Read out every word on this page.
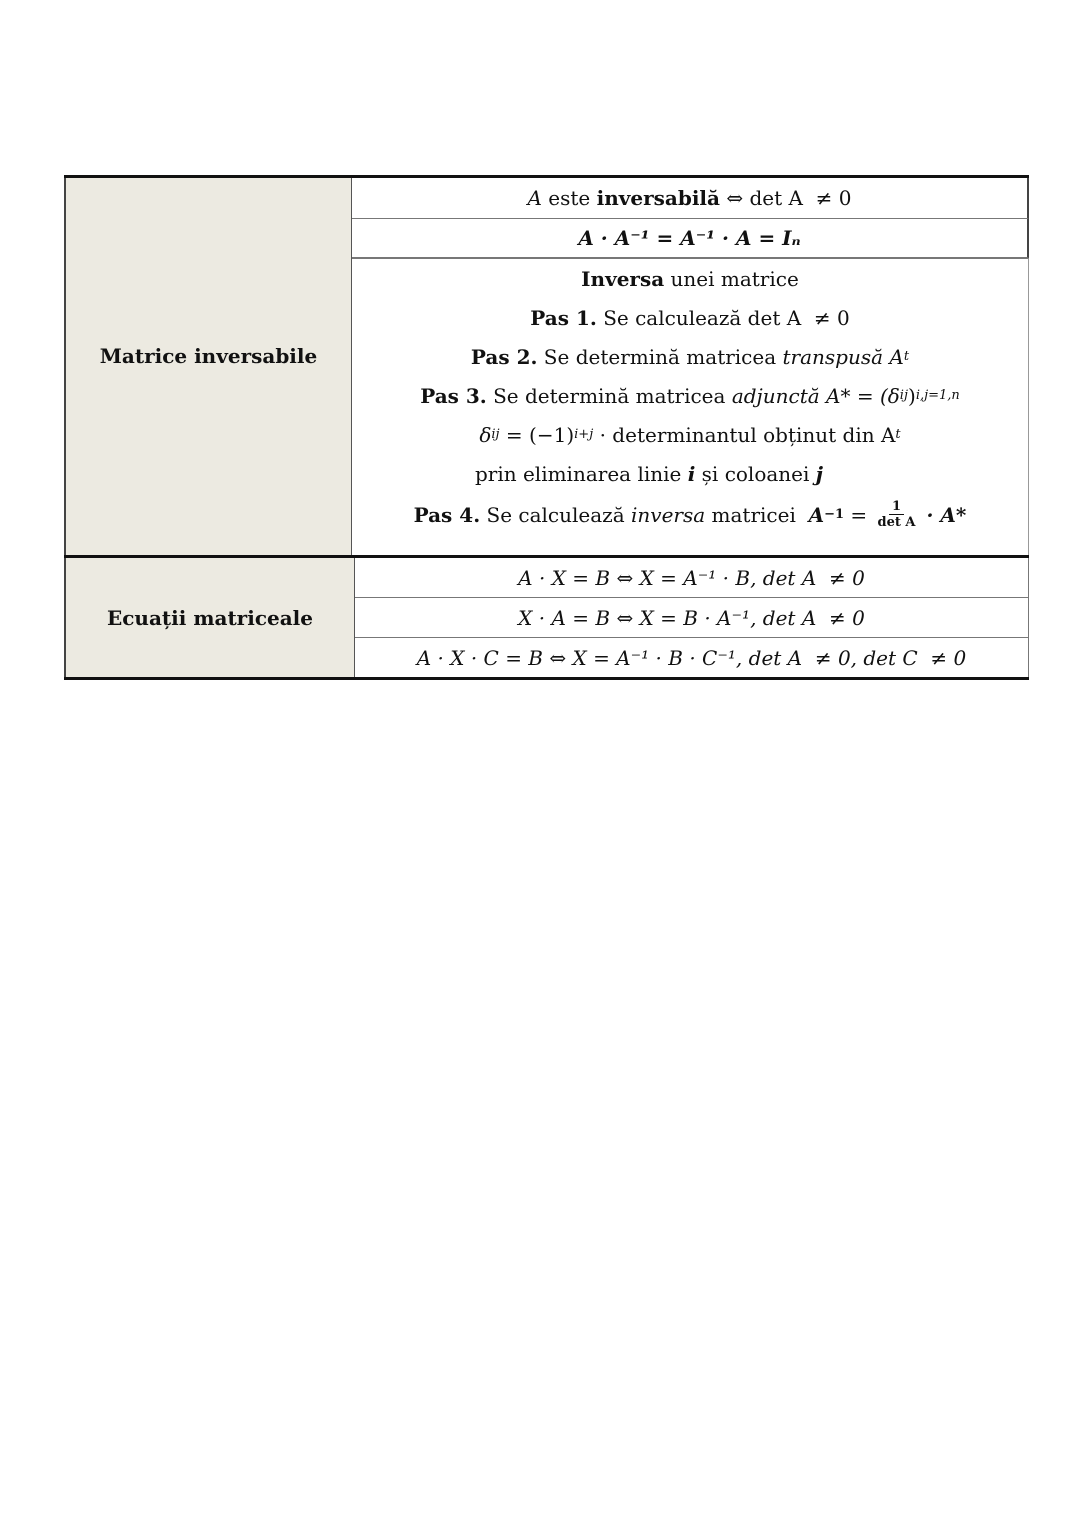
Matrice inversabile
A este inversabilă ⇔ det A  ≠ 0
A · A⁻¹ = A⁻¹ · A = Iₙ
Inversa unei matrice
Pas 1. Se calculează det A  ≠ 0
Pas 2. Se determină matricea transpusă A t
Pas 3. Se determină matricea adjunctă A* = (δ ij ) i,j=1,n
δ ij = (−1) i+j · determinantul obținut din A t
prin eliminarea linie i și coloanei j
Pas 4. Se calculează inversa matricei $A -1 = \frac{1}{\text{det A}} \cdot A*$
Ecuații matriceale
A · X = B ⇔ X = A⁻¹ · B, det A  ≠ 0
X · A = B ⇔ X = B · A⁻¹, det A  ≠ 0
A · X · C = B ⇔ X = A⁻¹ · B · C⁻¹, det A  ≠ 0, det C  ≠ 0
